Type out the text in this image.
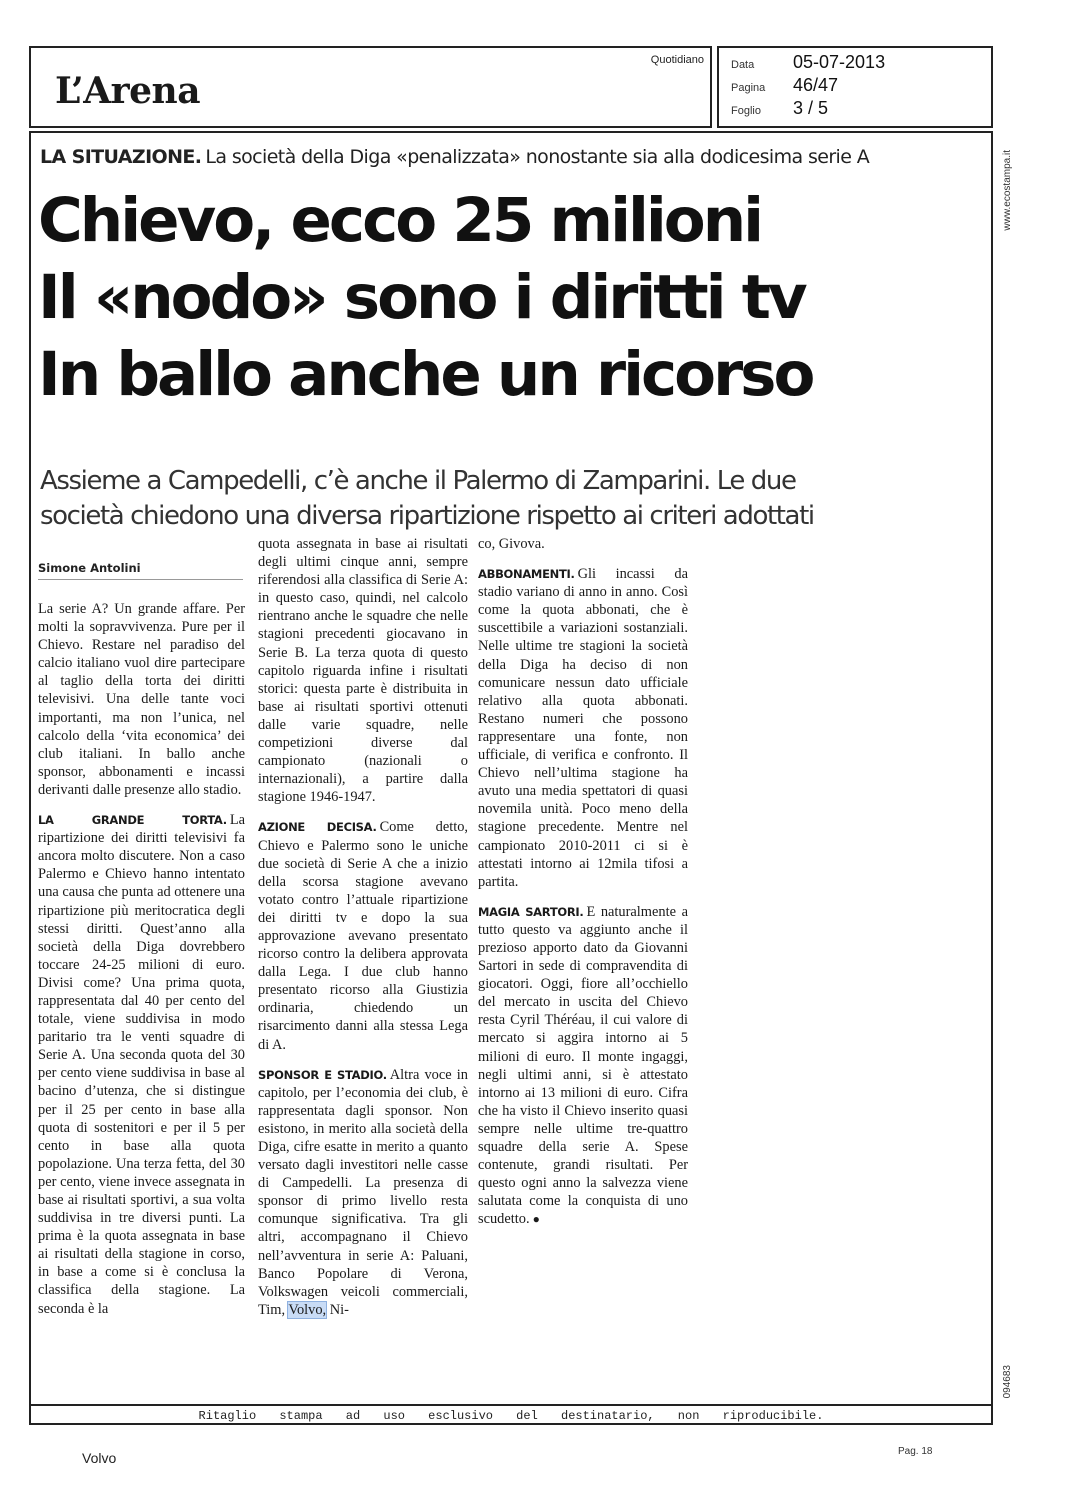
L’Arena
Quotidiano Data 05-07-2013
Pagina 46/47
Foglio 3 / 5
www.ecostampa.it
094683
LA SITUAZIONE. La società della Diga «penalizzata» nonostante sia alla dodicesima serie A
Chievo, ecco 25 milioni
Il «nodo» sono i diritti tv
In ballo anche un ricorso
Assieme a Campedelli, c’è anche il Palermo di Zamparini. Le due
società chiedono una diversa ripartizione rispetto ai criteri adottati
Simone Antolini

La serie A? Un grande affare. Per molti la sopravvivenza. Pure per il Chievo. Restare nel paradiso del calcio italiano vuol dire partecipare al taglio della torta dei diritti televisivi. Una delle tante voci importanti, ma non l’unica, nel calcolo della ‘vita economica’ dei club italiani. In ballo anche sponsor, abbonamenti e incassi derivanti dalle presenze allo stadio.

LA GRANDE TORTA. La ripartizione dei diritti televisivi fa ancora molto discutere. Non a caso Palermo e Chievo hanno intentato una causa che punta ad ottenere una ripartizione più meritocratica degli stessi diritti. Quest’anno alla società della Diga dovrebbero toccare 24-25 milioni di euro. Divisi come? Una prima quota, rappresentata dal 40 per cento del totale, viene suddivisa in modo paritario tra le venti squadre di Serie A. Una seconda quota del 30 per cento viene suddivisa in base al bacino d’utenza, che si distingue per il 25 per cento in base alla quota di sostenitori e per il 5 per cento in base alla quota popolazione. Una terza fetta, del 30 per cento, viene invece assegnata in base ai risultati sportivi, a sua volta suddivisa in tre diversi punti. La prima è la quota assegnata in base ai risultati della stagione in corso, in base a come si è conclusa la classifica della stagione. La seconda è la

quota assegnata in base ai risultati degli ultimi cinque anni, sempre riferendosi alla classifica di Serie A: in questo caso, quindi, nel calcolo rientrano anche le squadre che nelle stagioni precedenti giocavano in Serie B. La terza quota di questo capitolo riguarda infine i risultati storici: questa parte è distribuita in base ai risultati sportivi ottenuti dalle varie squadre, nelle competizioni diverse dal campionato (nazionali o internazionali), a partire dalla stagione 1946-1947.

AZIONE DECISA. Come detto, Chievo e Palermo sono le uniche due società di Serie A che a inizio della scorsa stagione avevano votato contro l’attuale ripartizione dei diritti tv e dopo la sua approvazione avevano presentato ricorso contro la delibera approvata dalla Lega. I due club hanno presentato ricorso alla Giustizia ordinaria, chiedendo un risarcimento danni alla stessa Lega di A.

SPONSOR E STADIO. Altra voce in capitolo, per l’economia dei club, è rappresentata dagli sponsor. Non esistono, in merito alla società della Diga, cifre esatte in merito a quanto versato dagli investitori nelle casse di Campedelli. La presenza di sponsor di primo livello resta comunque significativa. Tra gli altri, accompagnano il Chievo nell’avventura in serie A: Paluani, Banco Popolare di Verona, Volkswagen veicoli commerciali, Tim, Volvo, Ni-

co, Givova.

ABBONAMENTI. Gli incassi da stadio variano di anno in anno. Così come la quota abbonati, che è suscettibile a variazioni sostanziali. Nelle ultime tre stagioni la società della Diga ha deciso di non comunicare nessun dato ufficiale relativo alla quota abbonati. Restano numeri che possono rappresentare una fonte, non ufficiale, di verifica e confronto. Il Chievo nell’ultima stagione ha avuto una media spettatori di quasi novemila unità. Poco meno della stagione precedente. Mentre nel campionato 2010-2011 ci si è attestati intorno ai 12mila tifosi a partita.

MAGIA SARTORI. E naturalmente a tutto questo va aggiunto anche il prezioso apporto dato da Giovanni Sartori in sede di compravendita di giocatori. Oggi, fiore all’occhiello del mercato in uscita del Chievo resta Cyril Théréau, il cui valore di mercato si aggira intorno ai 5 milioni di euro. Il monte ingaggi, negli ultimi anni, si è attestato intorno ai 13 milioni di euro. Cifra che ha visto il Chievo inserito quasi sempre nelle ultime tre-quattro squadre della serie A. Spese contenute, grandi risultati. Per questo ogni anno la salvezza viene salutata come la conquista di uno scudetto. ●

Ritaglio stampa ad uso esclusivo del destinatario, non riproducibile.
Volvo	Pag. 18
